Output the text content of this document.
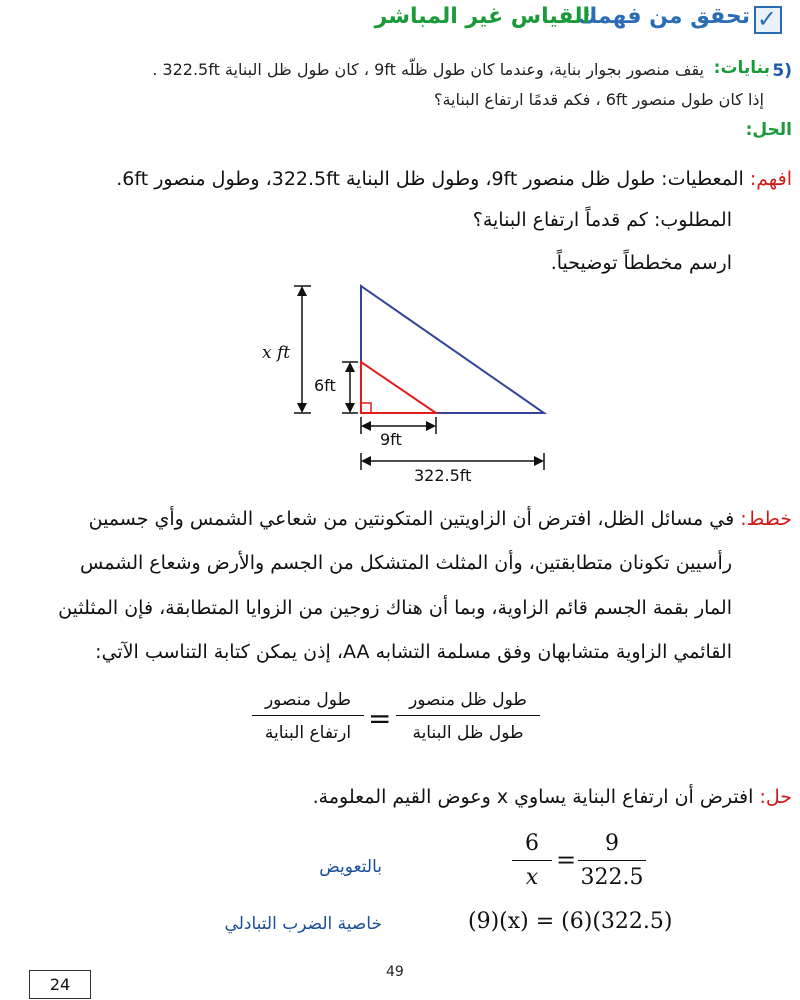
✓
تحقق من فهمك
القياس غير المباشر
5)
بنايات:
يقف منصور بجوار بناية، وعندما كان طول ظلّه 9ft ، كان طول ظل البناية 322.5ft .
إذا كان طول منصور 6ft ، فكم قدمًا ارتفاع البناية؟
الحل:
افهم: المعطيات: طول ظل منصور 9ft، وطول ظل البناية 322.5ft، وطول منصور 6ft.
المطلوب: كم قدماً ارتفاع البناية؟
ارسم مخططاً توضيحياً.
x ft
6ft
9ft
322.5ft
خطط: في مسائل الظل، افترض أن الزاويتين المتكونتين من شعاعي الشمس وأي جسمين
رأسيين تكونان متطابقتين، وأن المثلث المتشكل من الجسم والأرض وشعاع الشمس
المار بقمة الجسم قائم الزاوية، وبما أن هناك زوجين من الزوايا المتطابقة، فإن المثلثين
القائمي الزاوية متشابهان وفق مسلمة التشابه AA، إذن يمكن كتابة التناسب الآتي:
طول ظل منصور
طول ظل البناية
=
طول منصور
ارتفاع البناية
حل: افترض أن ارتفاع البناية يساوي x وعوض القيم المعلومة.
بالتعويض
6
x
=
9
322.5
خاصية الضرب التبادلي	(9)(x) = (6)(322.5)
49
24
